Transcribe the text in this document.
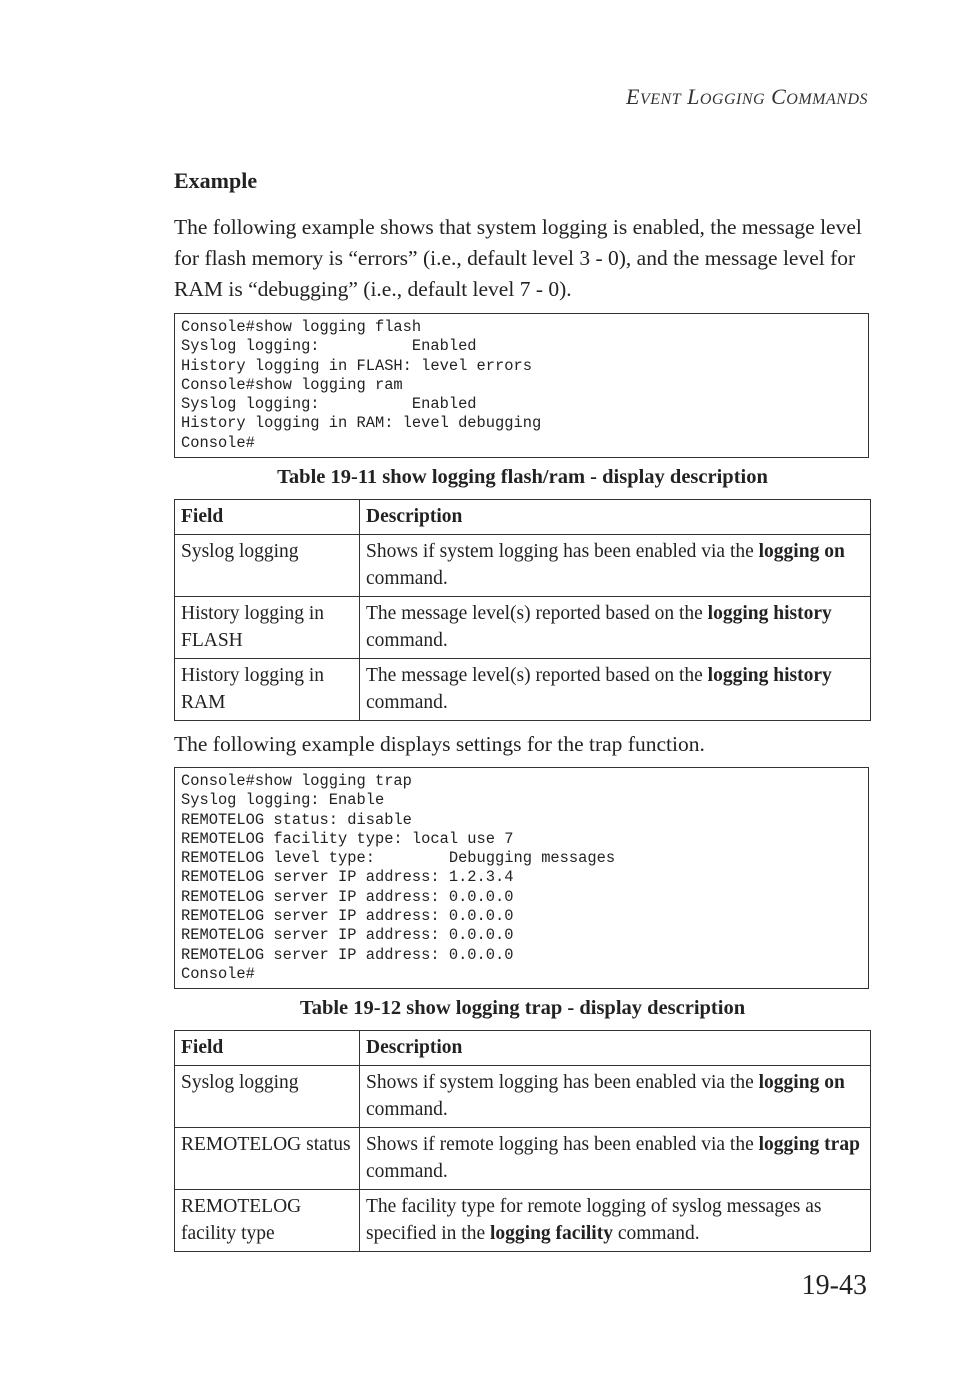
EVENT LOGGING COMMANDS
Example
The following example shows that system logging is enabled, the message level for flash memory is “errors” (i.e., default level 3 - 0), and the message level for RAM is “debugging” (i.e., default level 7 - 0).
Console#show logging flash
Syslog logging:          Enabled
History logging in FLASH: level errors
Console#show logging ram
Syslog logging:          Enabled
History logging in RAM: level debugging
Console#
Table 19-11 show logging flash/ram - display description
Field	Description
Syslog logging	Shows if system logging has been enabled via the logging on command.
History logging in FLASH	The message level(s) reported based on the logging history command.
History logging in RAM	The message level(s) reported based on the logging history command.
The following example displays settings for the trap function.
Console#show logging trap
Syslog logging: Enable
REMOTELOG status: disable
REMOTELOG facility type: local use 7
REMOTELOG level type:        Debugging messages
REMOTELOG server IP address: 1.2.3.4
REMOTELOG server IP address: 0.0.0.0
REMOTELOG server IP address: 0.0.0.0
REMOTELOG server IP address: 0.0.0.0
REMOTELOG server IP address: 0.0.0.0
Console#
Table 19-12 show logging trap - display description
Field	Description
Syslog logging	Shows if system logging has been enabled via the logging on command.
REMOTELOG status	Shows if remote logging has been enabled via the logging trap command.
REMOTELOG facility type	The facility type for remote logging of syslog messages as specified in the logging facility command.
19-43
